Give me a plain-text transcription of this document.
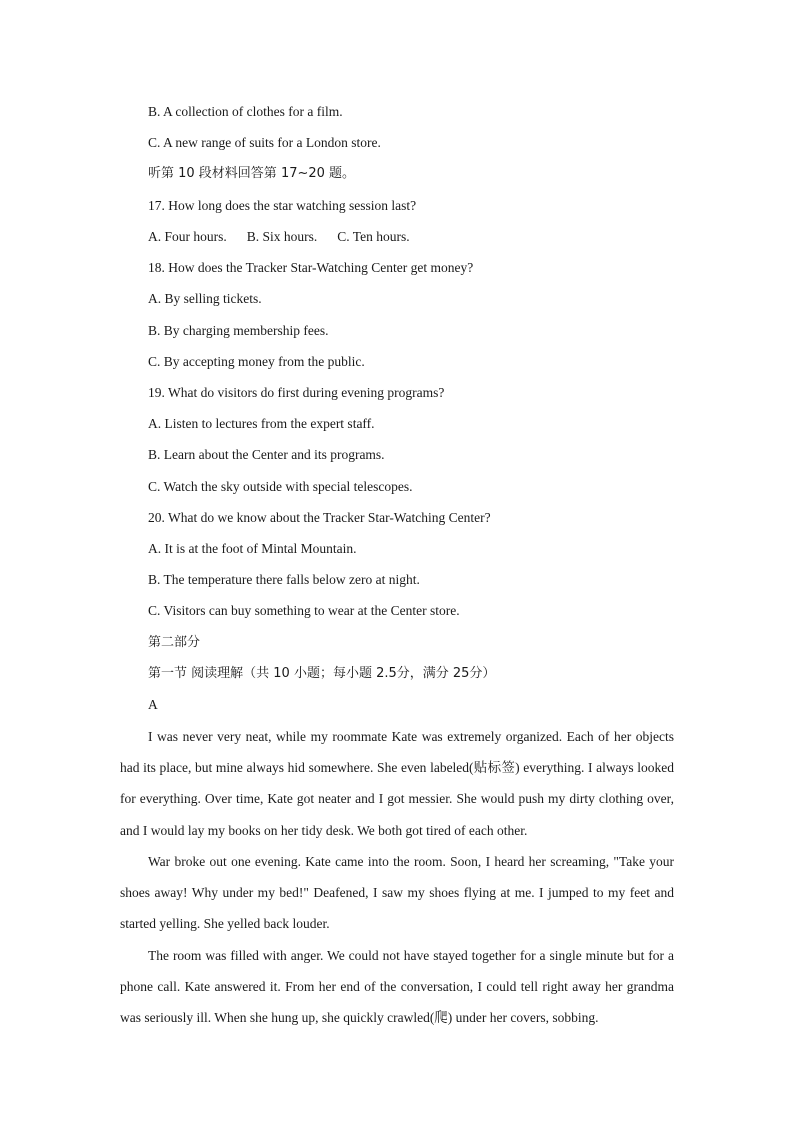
B. A collection of clothes for a film.
C. A new range of suits for a London store.
听第 10 段材料回答第 17~20 题。
17. How long does the star watching session last?
A. Four hours. B. Six hours. C. Ten hours.
18. How does the Tracker Star-Watching Center get money?
A. By selling tickets.
B. By charging membership fees.
C. By accepting money from the public.
19. What do visitors do first during evening programs?
A. Listen to lectures from the expert staff.
B. Learn about the Center and its programs.
C. Watch the sky outside with special telescopes.
20. What do we know about the Tracker Star-Watching Center?
A. It is at the foot of Mintal Mountain.
B. The temperature there falls below zero at night.
C. Visitors can buy something to wear at the Center store.
第二部分
第一节 阅读理解（共 10 小题；每小题 2.5分，满分 25分）
A

I was never very neat, while my roommate Kate was extremely organized. Each of her objects had its place, but mine always hid somewhere. She even labeled(贴标签) everything. I always looked for everything. Over time, Kate got neater and I got messier. She would push my dirty clothing over, and I would lay my books on her tidy desk. We both got tired of each other.

War broke out one evening. Kate came into the room. Soon, I heard her screaming, "Take your shoes away! Why under my bed!" Deafened, I saw my shoes flying at me. I jumped to my feet and started yelling. She yelled back louder.

The room was filled with anger. We could not have stayed together for a single minute but for a phone call. Kate answered it. From her end of the conversation, I could tell right away her grandma was seriously ill. When she hung up, she quickly crawled(爬) under her covers, sobbing.
